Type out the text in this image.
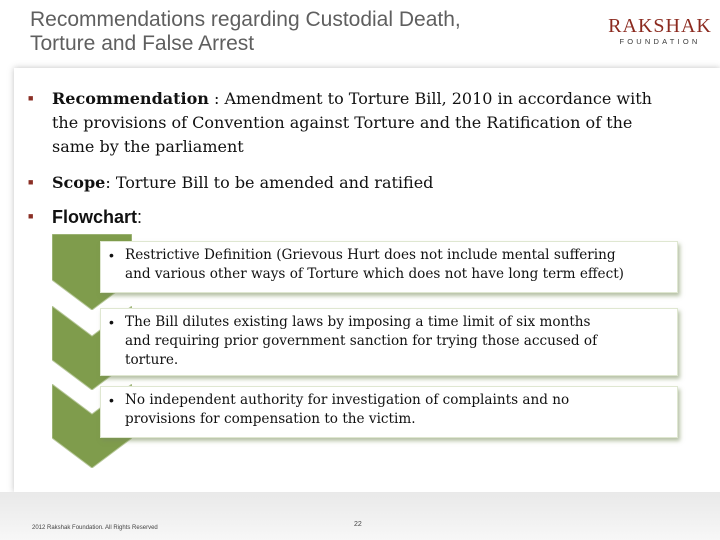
Recommendations regarding Custodial Death,
Torture and False Arrest
RAKSHAK
FOUNDATION
■ Recommendation : Amendment to Torture Bill, 2010 in accordance with
the provisions of Convention against Torture and the Ratification of the
same by the parliament
■ Scope: Torture Bill to be amended and ratified
■ Flowchart:
• Restrictive Definition (Grievous Hurt does not include mental suffering
and various other ways of Torture which does not have long term effect)
• The Bill dilutes existing laws by imposing a time limit of six months
and requiring prior government sanction for trying those accused of
torture.
• No independent authority for investigation of complaints and no
provisions for compensation to the victim.
2012 Rakshak Foundation. All Rights Reserved	22
